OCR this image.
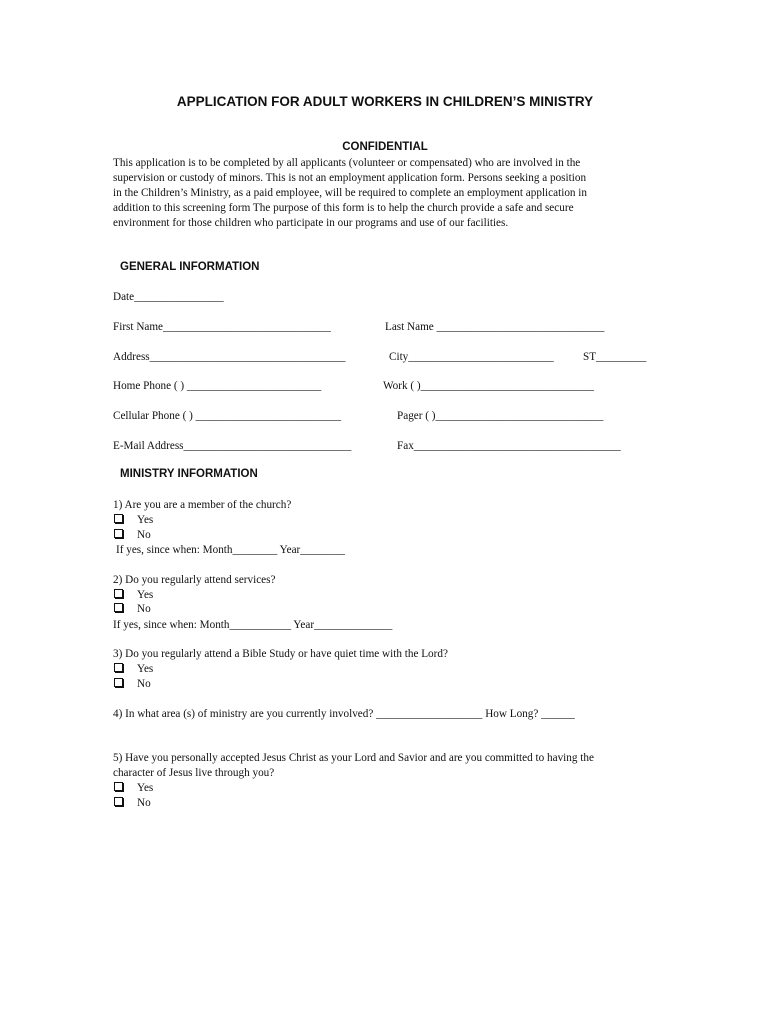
APPLICATION FOR ADULT WORKERS IN CHILDREN’S MINISTRY
CONFIDENTIAL
This application is to be completed by all applicants (volunteer or compensated) who are involved in the
supervision or custody of minors. This is not an employment application form. Persons seeking a position
in the Children’s Ministry, as a paid employee, will be required to complete an employment application in
addition to this screening form The purpose of this form is to help the church provide a safe and secure
environment for those children who participate in our programs and use of our facilities.
GENERAL INFORMATION
Date________________
First Name______________________________	Last Name ______________________________
Address___________________________________	City__________________________	ST_________
Home Phone ( ) ________________________	Work ( )_______________________________
Cellular Phone ( ) __________________________	Pager ( )______________________________
E-Mail Address______________________________	Fax_____________________________________
MINISTRY INFORMATION
1) Are you are a member of the church?
Yes
No
If yes, since when: Month________ Year________
2) Do you regularly attend services?
Yes
No
If yes, since when: Month___________ Year______________
3) Do you regularly attend a Bible Study or have quiet time with the Lord?
Yes
No
4) In what area (s) of ministry are you currently involved? ___________________ How Long? ______
5) Have you personally accepted Jesus Christ as your Lord and Savior and are you committed to having the
character of Jesus live through you?
Yes
No
